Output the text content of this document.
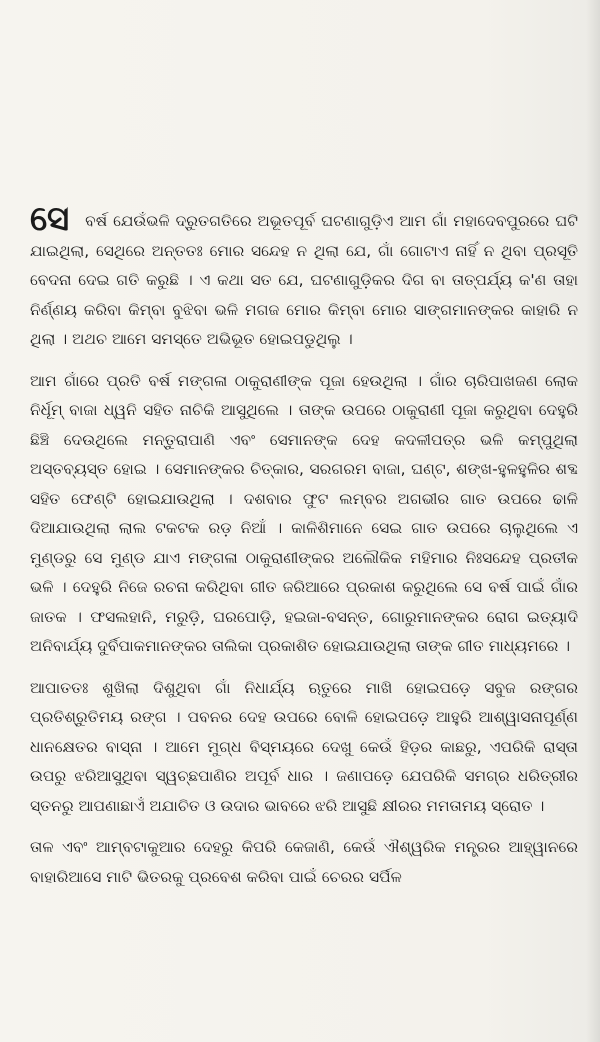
ସେ ବର୍ଷ ଯେଉଁଭଳି ଦ୍ରୁତଗତିରେ ଅଭୂତପୂର୍ବ ଘଟଣାଗୁଡ଼ିଏ ଆମ ଗାଁ ମହାଦେବପୁରରେ ଘଟି ଯାଇଥିଲା, ସେଥିରେ ଅନ୍ତତଃ ମୋର ସନ୍ଦେହ ନ ଥିଲା ଯେ, ଗାଁ ଗୋଟାଏ ନାହିଁ ନ ଥିବା ପ୍ରସୂତି ବେଦନା ଦେଇ ଗତି କରୁଛି । ଏ କଥା ସତ ଯେ, ଘଟଣାଗୁଡ଼ିକର ଦିଗ ବା ତାତ୍ପର୍ଯ୍ୟ କ'ଣ ତାହା ନିର୍ଣ୍ଣୟ କରିବା କିମ୍ବା ବୁଝିବା ଭଳି ମଗଜ ମୋର କିମ୍ବା ମୋର ସାଙ୍ଗମାନଙ୍କର କାହାରି ନ ଥିଲା । ଅଥଚ ଆମେ ସମସ୍ତେ ଅଭିଭୂତ ହୋଇପଡୁଥିଲୁ ।

ଆମ ଗାଁରେ ପ୍ରତି ବର୍ଷ ମଙ୍ଗଳା ଠାକୁରାଣୀଙ୍କ ପୂଜା ହେଉଥିଲା । ଗାଁର ଚାରିପାଖଜଣ ଲୋକ ନିର୍ଧୂମ୍ ବାଜା ଧ୍ୱନି ସହିତ ନାଚିକି ଆସୁଥିଲେ । ତାଙ୍କ ଉପରେ ଠାକୁରାଣୀ ପୂଜା କରୁଥିବା ଦେହୁରି ଛିଞ୍ଚି ଦେଉଥିଲେ ମନ୍ତୁରାପାଣି ଏବଂ ସେମାନଙ୍କ ଦେହ କଦଳୀପତ୍ର ଭଳି କମ୍ପୁଥିଲା ଅସ୍ତବ୍ୟସ୍ତ ହୋଇ । ସେମାନଙ୍କର ଚିତ୍କାର, ସରଗରମ ବାଜା, ଘଣ୍ଟ, ଶଙ୍ଖ-ହୁଳହୁଳିର ଶବ୍ଦ ସହିତ ଫେଣ୍ଟି ହୋଇଯାଉଥିଲା । ଦଶବାର ଫୁଟ ଲମ୍ବର ଅଗଭୀର ଗାତ ଉପରେ ଢାଳି ଦିଆଯାଉଥିଲା ଲାଲ ଟକଟକ ରଡ଼ ନିଆଁ । କାଳିଶିମାନେ ସେଇ ଗାତ ଉପରେ ଚାଲୁଥିଲେ ଏ ମୁଣ୍ଡରୁ ସେ ମୁଣ୍ଡ ଯାଏ ମଙ୍ଗଳା ଠାକୁରାଣୀଙ୍କର ଅଲୌକିକ ମହିମାର ନିଃସନ୍ଦେହ ପ୍ରତୀକ ଭଳି । ଦେହୁରି ନିଜେ ରଚନା କରିଥିବା ଗୀତ ଜରିଆରେ ପ୍ରକାଶ କରୁଥିଲେ ସେ ବର୍ଷ ପାଇଁ ଗାଁର ଜାତକ । ଫସଲହାନି, ମରୁଡ଼ି, ଘରପୋଡ଼ି, ହଇଜା-ବସନ୍ତ, ଗୋରୁମାନଙ୍କର ରୋଗ ଇତ୍ୟାଦି ଅନିବାର୍ଯ୍ୟ ଦୁର୍ବିପାକମାନଙ୍କର ତାଲିକା ପ୍ରକାଶିତ ହୋଇଯାଉଥିଲା ତାଙ୍କ ଗୀତ ମାଧ୍ୟମରେ ।

ଆପାତତଃ ଶୁଖିଲା ଦିଶୁଥିବା ଗାଁ ନିଧାର୍ଯ୍ୟ ଋତୁରେ ମାଖି ହୋଇପଡ଼େ ସବୁଜ ରଙ୍ଗର ପ୍ରତିଶ୍ରୁତିମୟ ରଙ୍ଗ । ପବନର ଦେହ ଉପରେ ବୋଳି ହୋଇପଡ଼େ ଆହୁରି ଆଶ୍ୱାସନାପୂର୍ଣ୍ଣ ଧାନକ୍ଷେତର ବାସ୍ନା । ଆମେ ମୁଗ୍ଧ ବିସ୍ମୟରେ ଦେଖୁ କେଉଁ ହିଡ଼ର କାଛରୁ, ଏପରିକି ରାସ୍ତା ଉପରୁ ଝରିଆସୁଥିବା ସ୍ୱଚ୍ଛପାଣିର ଅପୂର୍ବ ଧାର । ଜଣାପଡ଼େ ଯେପରିକି ସମଗ୍ର ଧରିତ୍ରୀର ସ୍ତନରୁ ଆପଣାଛାଏଁ ଅଯାଚିତ ଓ ଉଦାର ଭାବରେ ଝରି ଆସୁଛି କ୍ଷୀରର ମମତାମୟ ସ୍ରୋତ ।

ତାଳ ଏବଂ ଆମ୍ବଟାକୁଆର ଦେହରୁ କିପରି କେଜାଣି, କେଉଁ ଐଶ୍ୱରିକ ମନ୍ତ୍ରର ଆହ୍ୱାନରେ ବାହାରିଆସେ ମାଟି ଭିତରକୁ ପ୍ରବେଶ କରିବା ପାଇଁ ଚେରର ସର୍ପିଳ
